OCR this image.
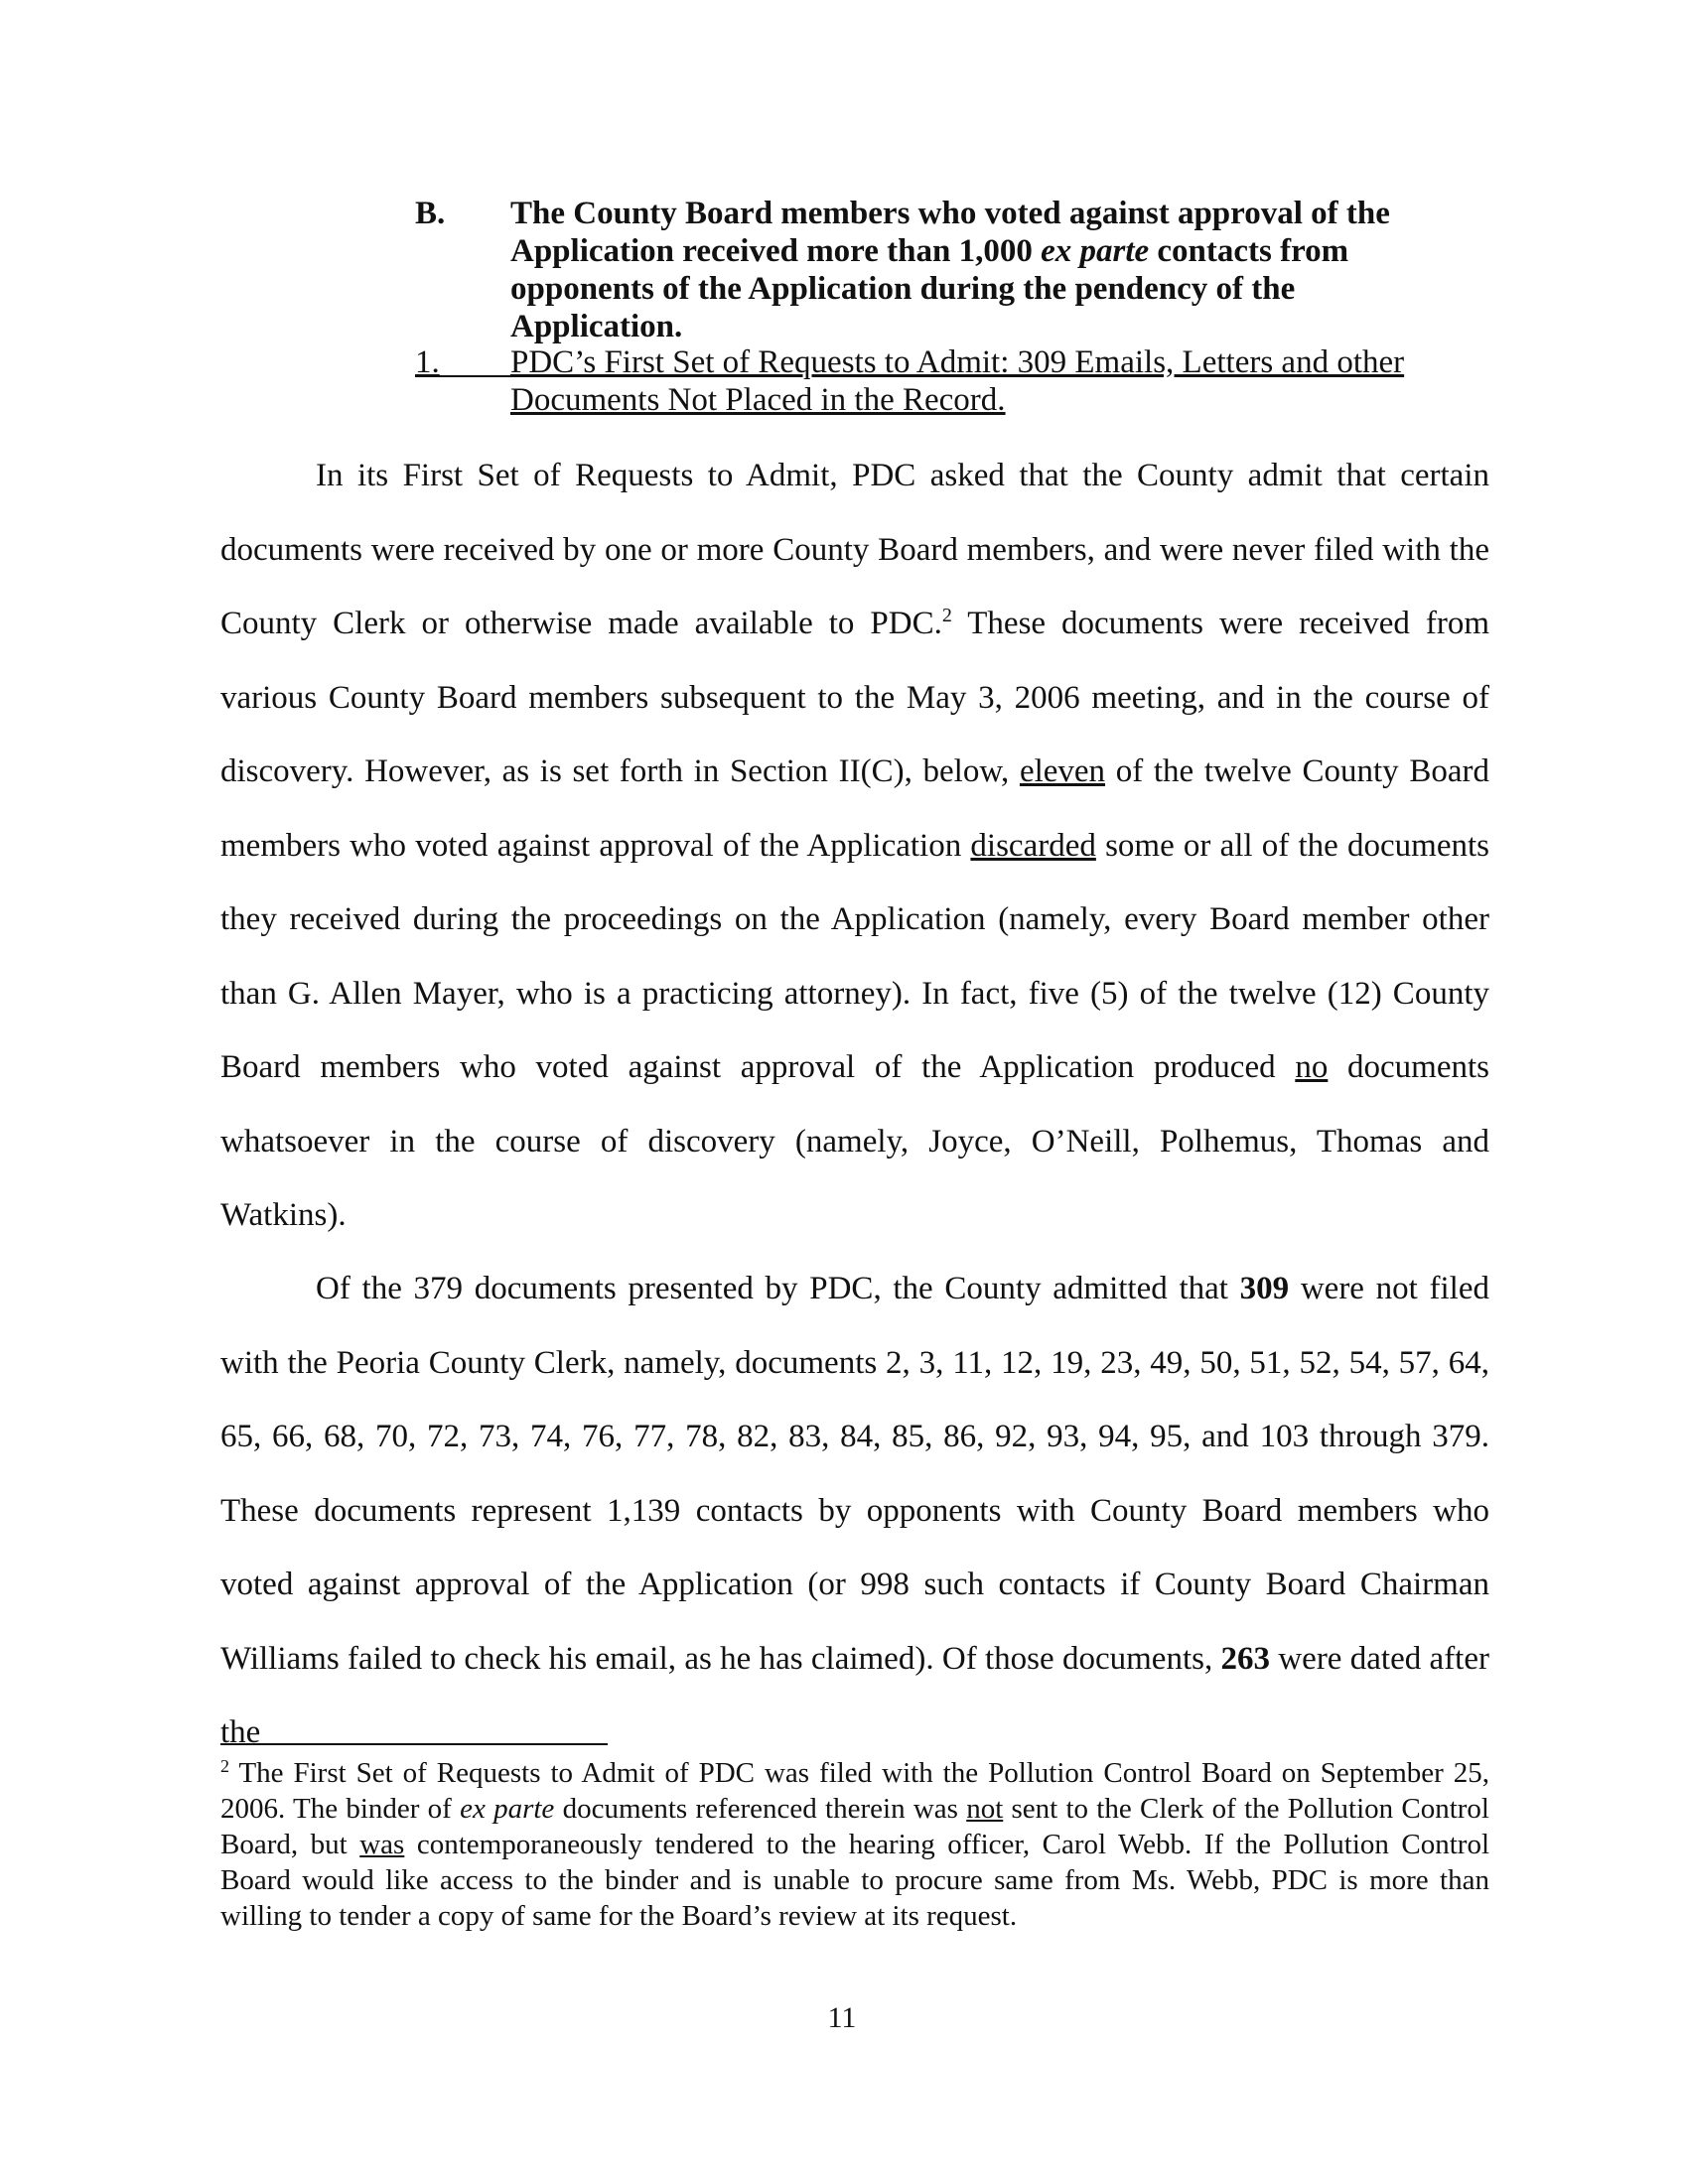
B. The County Board members who voted against approval of the Application received more than 1,000 ex parte contacts from opponents of the Application during the pendency of the Application.
1.	PDC’s First Set of Requests to Admit: 309 Emails, Letters and other Documents Not Placed in the Record.
In its First Set of Requests to Admit, PDC asked that the County admit that certain documents were received by one or more County Board members, and were never filed with the County Clerk or otherwise made available to PDC.$^2$ These documents were received from various County Board members subsequent to the May 3, 2006 meeting, and in the course of discovery. However, as is set forth in Section II(C), below, eleven of the twelve County Board members who voted against approval of the Application discarded some or all of the documents they received during the proceedings on the Application (namely, every Board member other than G. Allen Mayer, who is a practicing attorney). In fact, five (5) of the twelve (12) County Board members who voted against approval of the Application produced no documents whatsoever in the course of discovery (namely, Joyce, O’Neill, Polhemus, Thomas and Watkins).
Of the 379 documents presented by PDC, the County admitted that 309 were not filed with the Peoria County Clerk, namely, documents 2, 3, 11, 12, 19, 23, 49, 50, 51, 52, 54, 57, 64, 65, 66, 68, 70, 72, 73, 74, 76, 77, 78, 82, 83, 84, 85, 86, 92, 93, 94, 95, and 103 through 379. These documents represent 1,139 contacts by opponents with County Board members who voted against approval of the Application (or 998 such contacts if County Board Chairman Williams failed to check his email, as he has claimed). Of those documents, 263 were dated after the
$^2$ The First Set of Requests to Admit of PDC was filed with the Pollution Control Board on September 25, 2006. The binder of ex parte documents referenced therein was not sent to the Clerk of the Pollution Control Board, but was contemporaneously tendered to the hearing officer, Carol Webb. If the Pollution Control Board would like access to the binder and is unable to procure same from Ms. Webb, PDC is more than willing to tender a copy of same for the Board’s review at its request.
11
